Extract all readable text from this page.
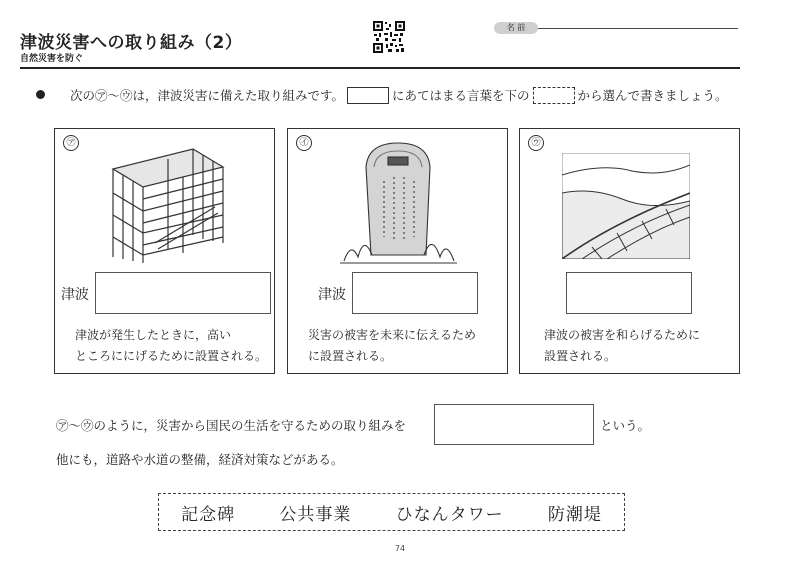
津波災害への取り組み（2）
自然災害を防ぐ
名 前
次の㋐～㋒は，津波災害に備えた取り組みです。	にあてはまる言葉を下の	から選んで書きましょう。
㋐
津波
津波が発生したときに，高い
ところににげるために設置される。
㋑
津波
災害の被害を未来に伝えるため
に設置される。
㋒
津波の被害を和らげるために
設置される。
㋐～㋒のように，災害から国民の生活を守るための取り組みを	という。
他にも，道路や水道の整備，経済対策などがある。
記念碑	公共事業	ひなんタワー	防潮堤
74
